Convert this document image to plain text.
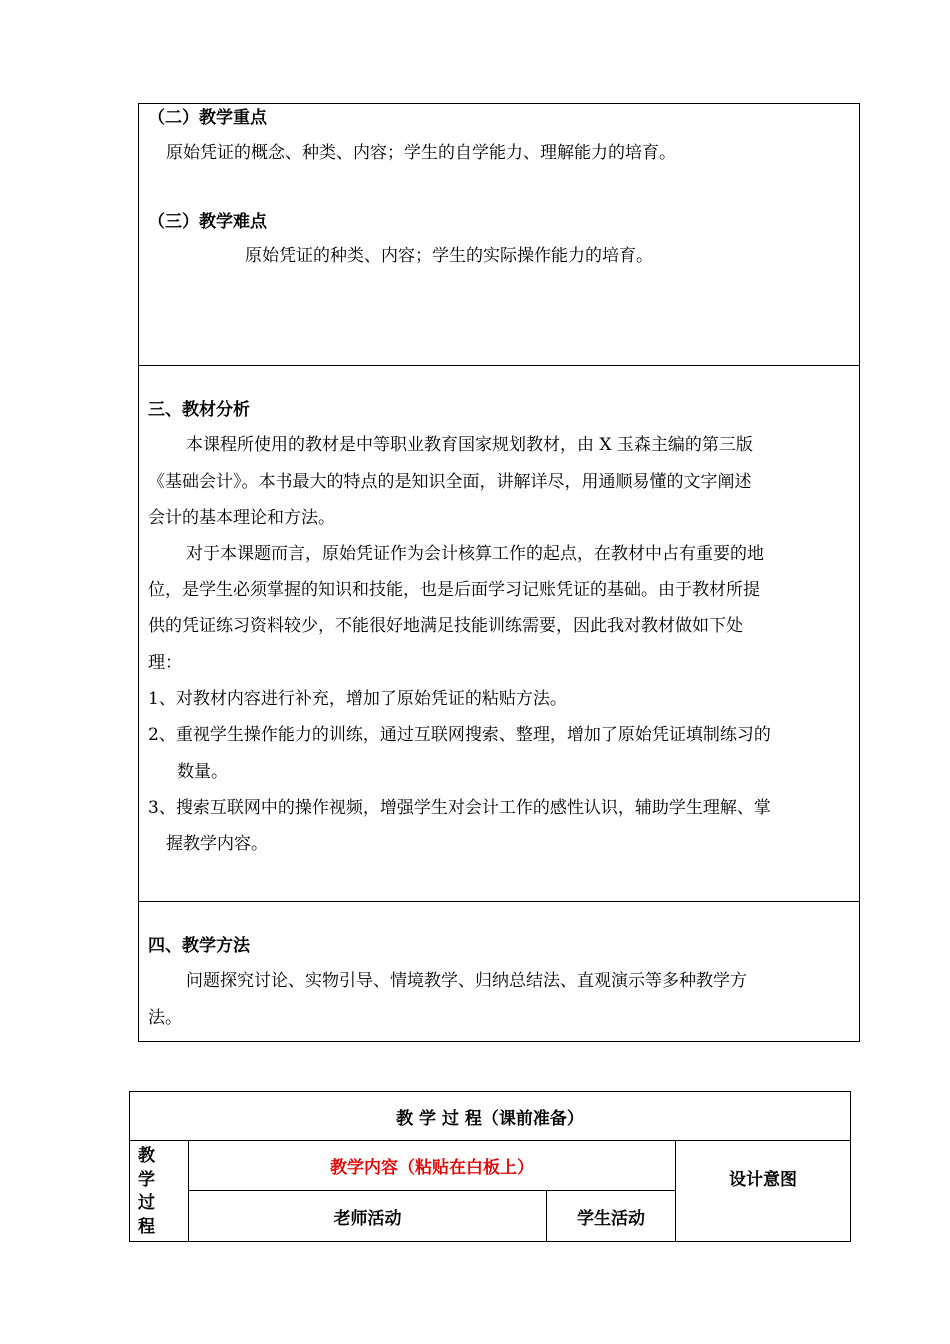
（二）教学重点
原始凭证的概念、种类、内容；学生的自学能力、理解能力的培育。
（三）教学难点
原始凭证的种类、内容；学生的实际操作能力的培育。
三、教材分析
本课程所使用的教材是中等职业教育国家规划教材，由 X 玉森主编的第三版
《基础会计》。本书最大的特点的是知识全面，讲解详尽，用通顺易懂的文字阐述
会计的基本理论和方法。
对于本课题而言，原始凭证作为会计核算工作的起点，在教材中占有重要的地
位，是学生必须掌握的知识和技能，也是后面学习记账凭证的基础。由于教材所提
供的凭证练习资料较少，不能很好地满足技能训练需要，因此我对教材做如下处
理：
1、对教材内容进行补充，增加了原始凭证的粘贴方法。
2、重视学生操作能力的训练，通过互联网搜索、整理，增加了原始凭证填制练习的
数量。
3、搜索互联网中的操作视频，增强学生对会计工作的感性认识，辅助学生理解、掌
握教学内容。
四、教学方法
问题探究讨论、实物引导、情境教学、归纳总结法、直观演示等多种教学方
法。
教 学 过 程（课前准备）
教
学
过
程
教学内容（粘贴在白板上）
老师活动	学生活动
设计意图
